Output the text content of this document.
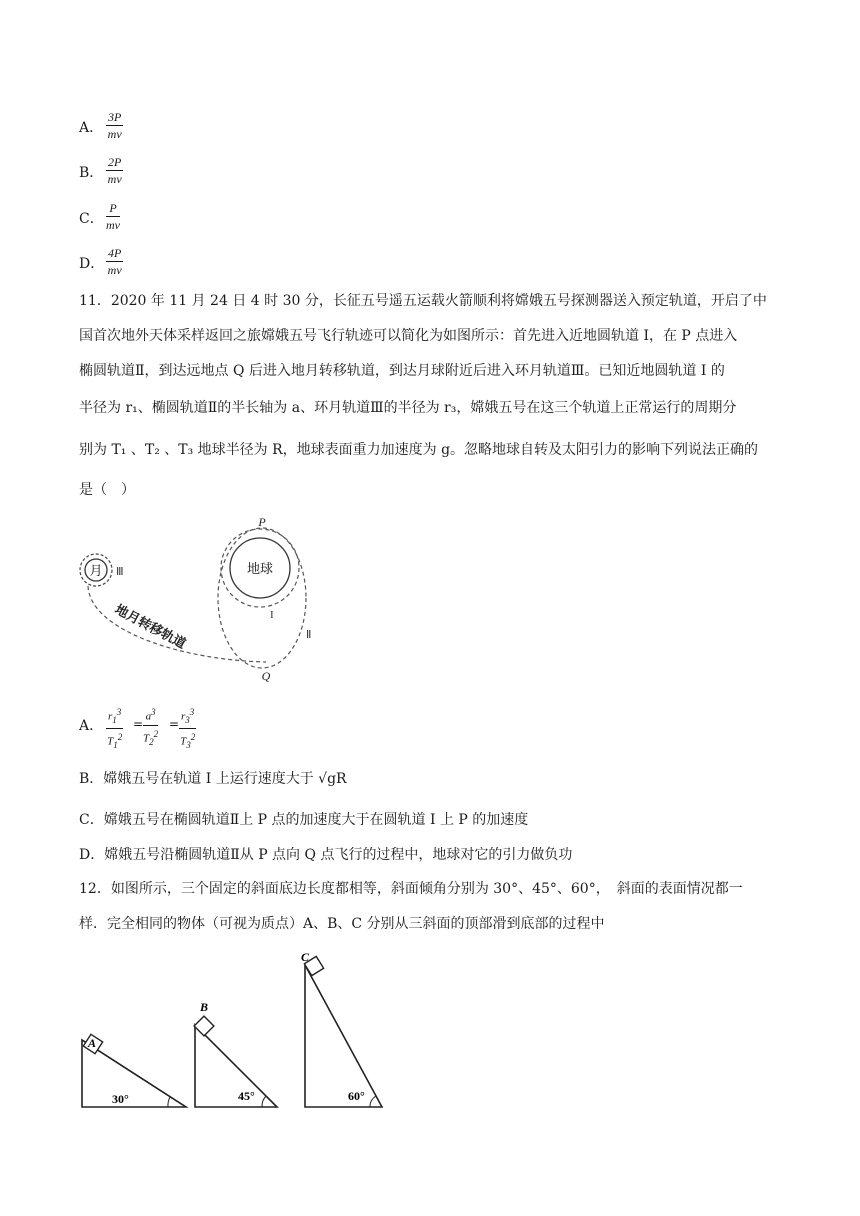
A． $\frac{3P}{mv}$
B． $\frac{2P}{mv}$
C． $\frac{P}{mv}$
D． $\frac{4P}{mv}$
11．2020 年 11 月 24 日 4 时 30 分，长征五号遥五运载火箭顺利将嫦娥五号探测器送入预定轨道，开启了中
国首次地外天体采样返回之旅嫦娥五号飞行轨迹可以简化为如图所示：首先进入近地圆轨道 I，在 P 点进入
椭圆轨道Ⅱ，到达远地点 Q 后进入地月转移轨道，到达月球附近后进入环月轨道Ⅲ。已知近地圆轨道 I 的
半径为 r₁、椭圆轨道Ⅱ的半长轴为 a、环月轨道Ⅲ的半径为 r₃，嫦娥五号在这三个轨道上正常运行的周期分
别为 T₁ 、T₂ 、T₃ 地球半径为 R，地球表面重力加速度为 g。忽略地球自转及太阳引力的影响下列说法正确的
是（　）
月 Ⅲ
地月转移轨道
地球
I
Ⅱ
P
Q
A． $\frac{r_1^3}{T_1^2} = \frac{a^3}{T_2^2} = \frac{r_3^3}{T_3^2}$
B．嫦娥五号在轨道 I 上运行速度大于 √gR
C．嫦娥五号在椭圆轨道Ⅱ上 P 点的加速度大于在圆轨道 I 上 P 的加速度
D．嫦娥五号沿椭圆轨道Ⅱ从 P 点向 Q 点飞行的过程中，地球对它的引力做负功
12．如图所示，三个固定的斜面底边长度都相等，斜面倾角分别为 30°、45°、60°，　斜面的表面情况都一
样．完全相同的物体（可视为质点）A、B、C 分别从三斜面的顶部滑到底部的过程中
A
30°
B
45°
C
60°
